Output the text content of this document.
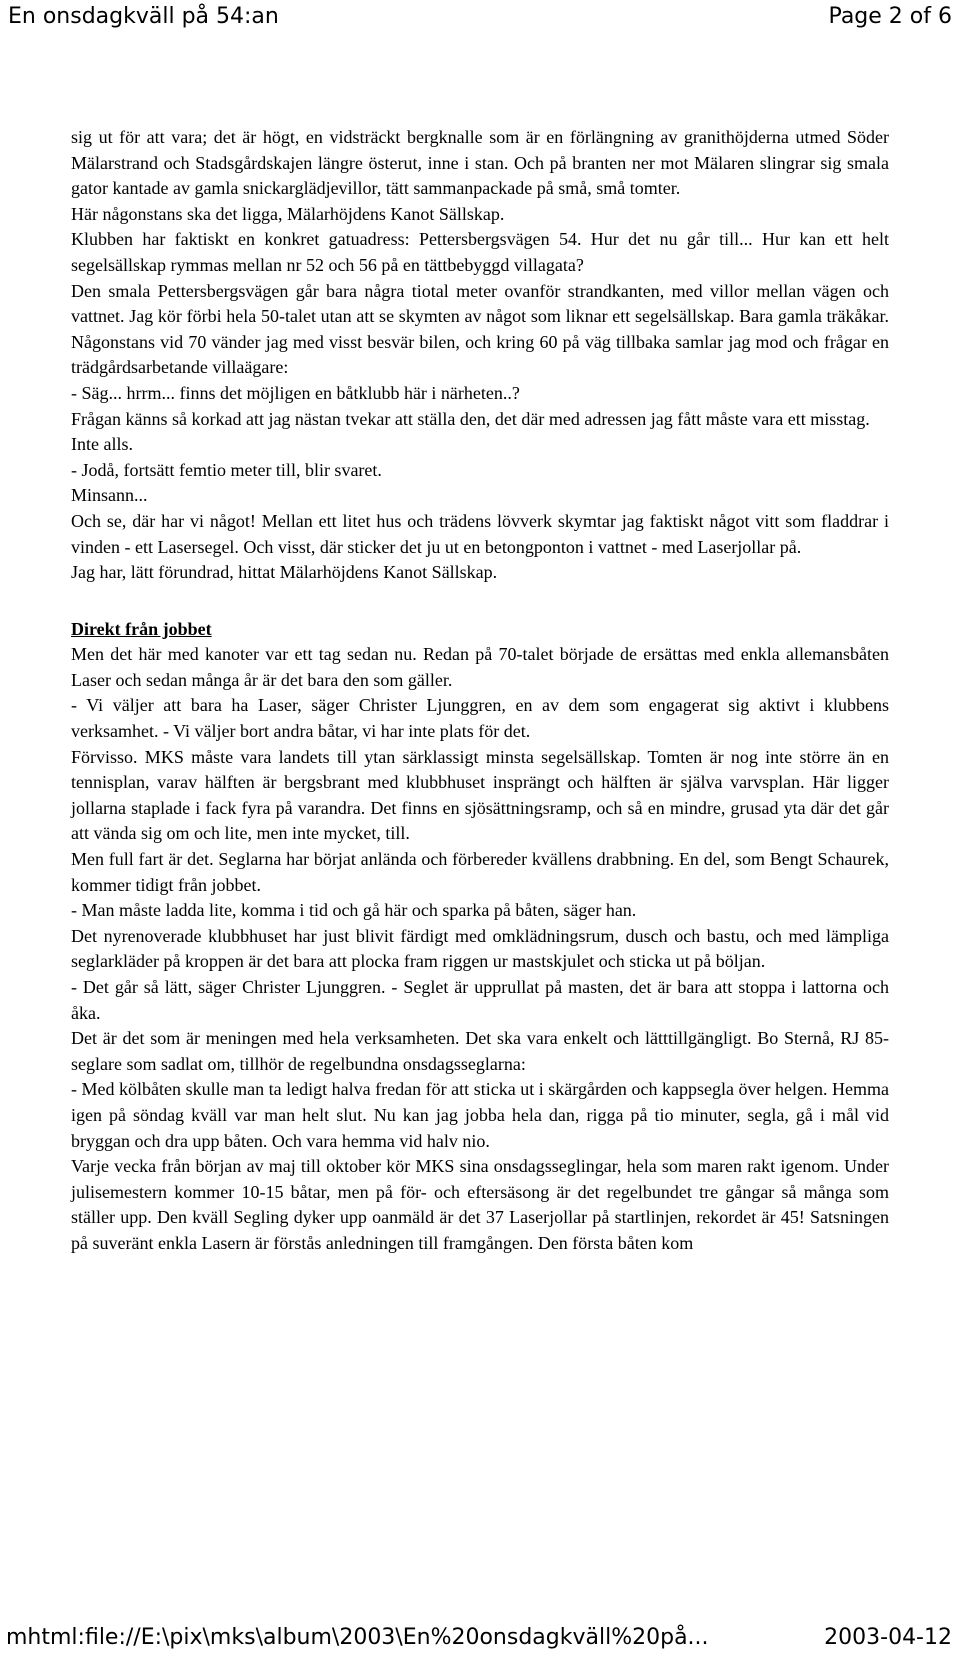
En onsdagkväll på 54:an	Page 2 of 6

sig ut för att vara; det är högt, en vidsträckt bergknalle som är en förlängning av granithöjderna utmed Söder Mälarstrand och Stadsgårdskajen längre österut, inne i stan. Och på branten ner mot Mälaren slingrar sig smala gator kantade av gamla snickarglädjevillor, tätt sammanpackade på små, små tomter.

Här någonstans ska det ligga, Mälarhöjdens Kanot Sällskap.

Klubben har faktiskt en konkret gatuadress: Pettersbergsvägen 54. Hur det nu går till... Hur kan ett helt segelsällskap rymmas mellan nr 52 och 56 på en tättbebyggd villagata?

Den smala Pettersbergsvägen går bara några tiotal meter ovanför strandkanten, med villor mellan vägen och vattnet. Jag kör förbi hela 50-talet utan att se skymten av något som liknar ett segelsällskap. Bara gamla träkåkar. Någonstans vid 70 vänder jag med visst besvär bilen, och kring 60 på väg tillbaka samlar jag mod och frågar en trädgårdsarbetande villaägare:

- Säg... hrrm... finns det möjligen en båtklubb här i närheten..?

Frågan känns så korkad att jag nästan tvekar att ställa den, det där med adressen jag fått måste vara ett misstag.

Inte alls.

- Jodå, fortsätt femtio meter till, blir svaret.

Minsann...

Och se, där har vi något! Mellan ett litet hus och trädens lövverk skymtar jag faktiskt något vitt som fladdrar i vinden - ett Lasersegel. Och visst, där sticker det ju ut en betongponton i vattnet - med Laserjollar på.

Jag har, lätt förundrad, hittat Mälarhöjdens Kanot Sällskap.

Direkt från jobbet

Men det här med kanoter var ett tag sedan nu. Redan på 70-talet började de ersättas med enkla allemansbåten Laser och sedan många år är det bara den som gäller.

- Vi väljer att bara ha Laser, säger Christer Ljunggren, en av dem som engagerat sig aktivt i klubbens verksamhet. - Vi väljer bort andra båtar, vi har inte plats för det.

Förvisso. MKS måste vara landets till ytan särklassigt minsta segelsällskap. Tomten är nog inte större än en tennisplan, varav hälften är bergsbrant med klubbhuset insprängt och hälften är själva varvsplan. Här ligger jollarna staplade i fack fyra på varandra. Det finns en sjösättningsramp, och så en mindre, grusad yta där det går att vända sig om och lite, men inte mycket, till.

Men full fart är det. Seglarna har börjat anlända och förbereder kvällens drabbning. En del, som Bengt Schaurek, kommer tidigt från jobbet.

- Man måste ladda lite, komma i tid och gå här och sparka på båten, säger han.

Det nyrenoverade klubbhuset har just blivit färdigt med omklädningsrum, dusch och bastu, och med lämpliga seglarkläder på kroppen är det bara att plocka fram riggen ur mastskjulet och sticka ut på böljan.

- Det går så lätt, säger Christer Ljunggren. - Seglet är upprullat på masten, det är bara att stoppa i lattorna och åka.

Det är det som är meningen med hela verksamheten. Det ska vara enkelt och lätttillgängligt. Bo Sternå, RJ 85-seglare som sadlat om, tillhör de regelbundna onsdagsseglarna:

- Med kölbåten skulle man ta ledigt halva fredan för att sticka ut i skärgården och kappsegla över helgen. Hemma igen på söndag kväll var man helt slut. Nu kan jag jobba hela dan, rigga på tio minuter, segla, gå i mål vid bryggan och dra upp båten. Och vara hemma vid halv nio.

Varje vecka från början av maj till oktober kör MKS sina onsdagsseglingar, hela som maren rakt igenom. Under julisemestern kommer 10-15 båtar, men på för- och eftersäsong är det regelbundet tre gångar så många som ställer upp. Den kväll Segling dyker upp oanmäld är det 37 Laserjollar på startlinjen, rekordet är 45! Satsningen på suveränt enkla Lasern är förstås anledningen till framgången. Den första båten kom

mhtml:file://E:\pix\mks\album\2003\En%20onsdagkväll%20på...	2003-04-12
